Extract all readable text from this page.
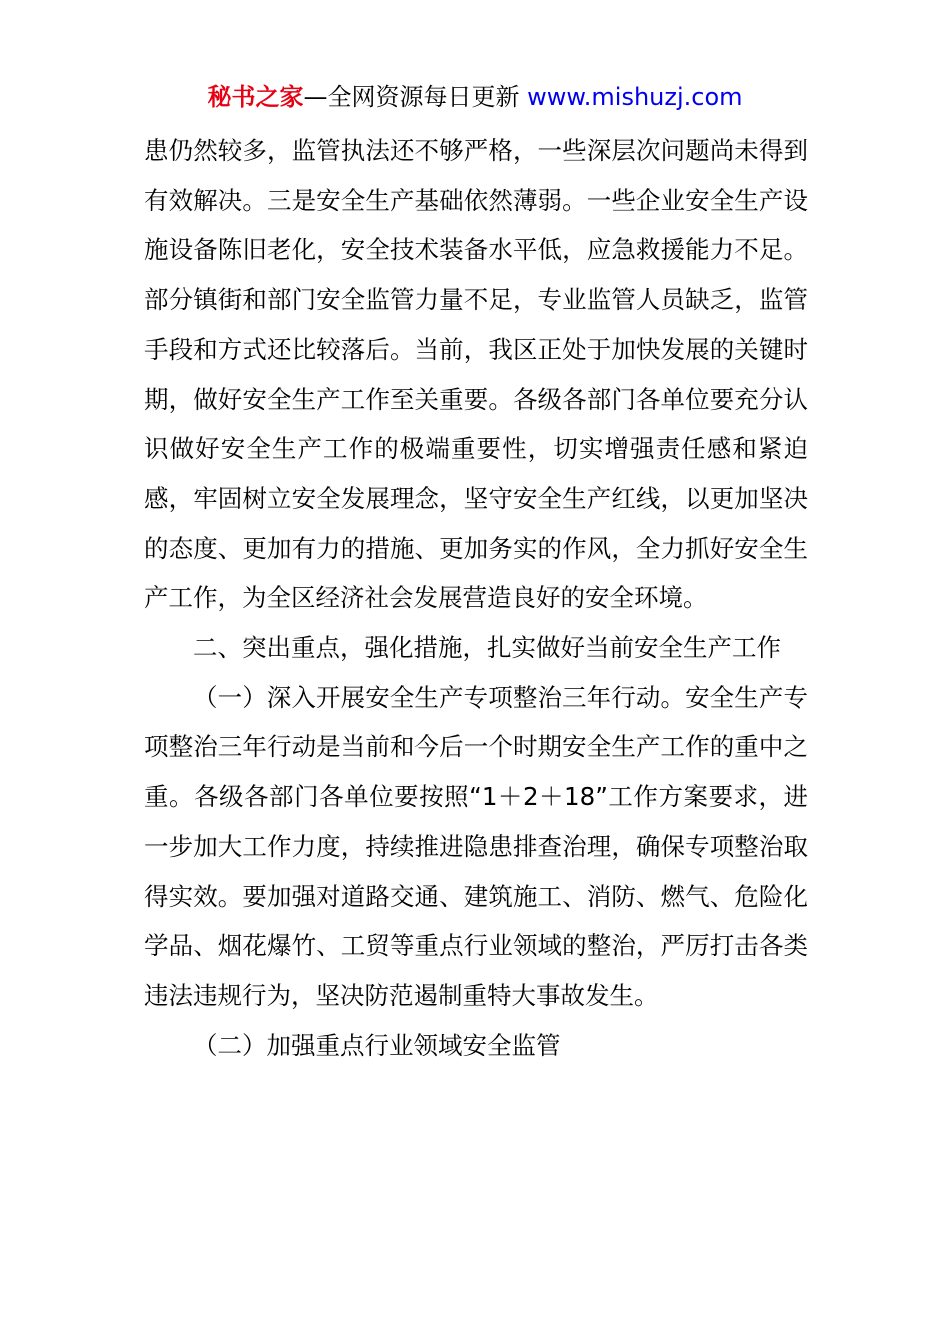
秘书之家—全网资源每日更新 www.mishuzj.com

患仍然较多，监管执法还不够严格，一些深层次问题尚未得到有效解决。三是安全生产基础依然薄弱。一些企业安全生产设施设备陈旧老化，安全技术装备水平低，应急救援能力不足。部分镇街和部门安全监管力量不足，专业监管人员缺乏，监管手段和方式还比较落后。当前，我区正处于加快发展的关键时期，做好安全生产工作至关重要。各级各部门各单位要充分认识做好安全生产工作的极端重要性，切实增强责任感和紧迫感，牢固树立安全发展理念，坚守安全生产红线，以更加坚决的态度、更加有力的措施、更加务实的作风，全力抓好安全生产工作，为全区经济社会发展营造良好的安全环境。

二、突出重点，强化措施，扎实做好当前安全生产工作

（一）深入开展安全生产专项整治三年行动。安全生产专项整治三年行动是当前和今后一个时期安全生产工作的重中之重。各级各部门各单位要按照“1＋2＋18”工作方案要求，进一步加大工作力度，持续推进隐患排查治理，确保专项整治取得实效。要加强对道路交通、建筑施工、消防、燃气、危险化学品、烟花爆竹、工贸等重点行业领域的整治，严厉打击各类违法违规行为，坚决防范遏制重特大事故发生。

（二）加强重点行业领域安全监管
